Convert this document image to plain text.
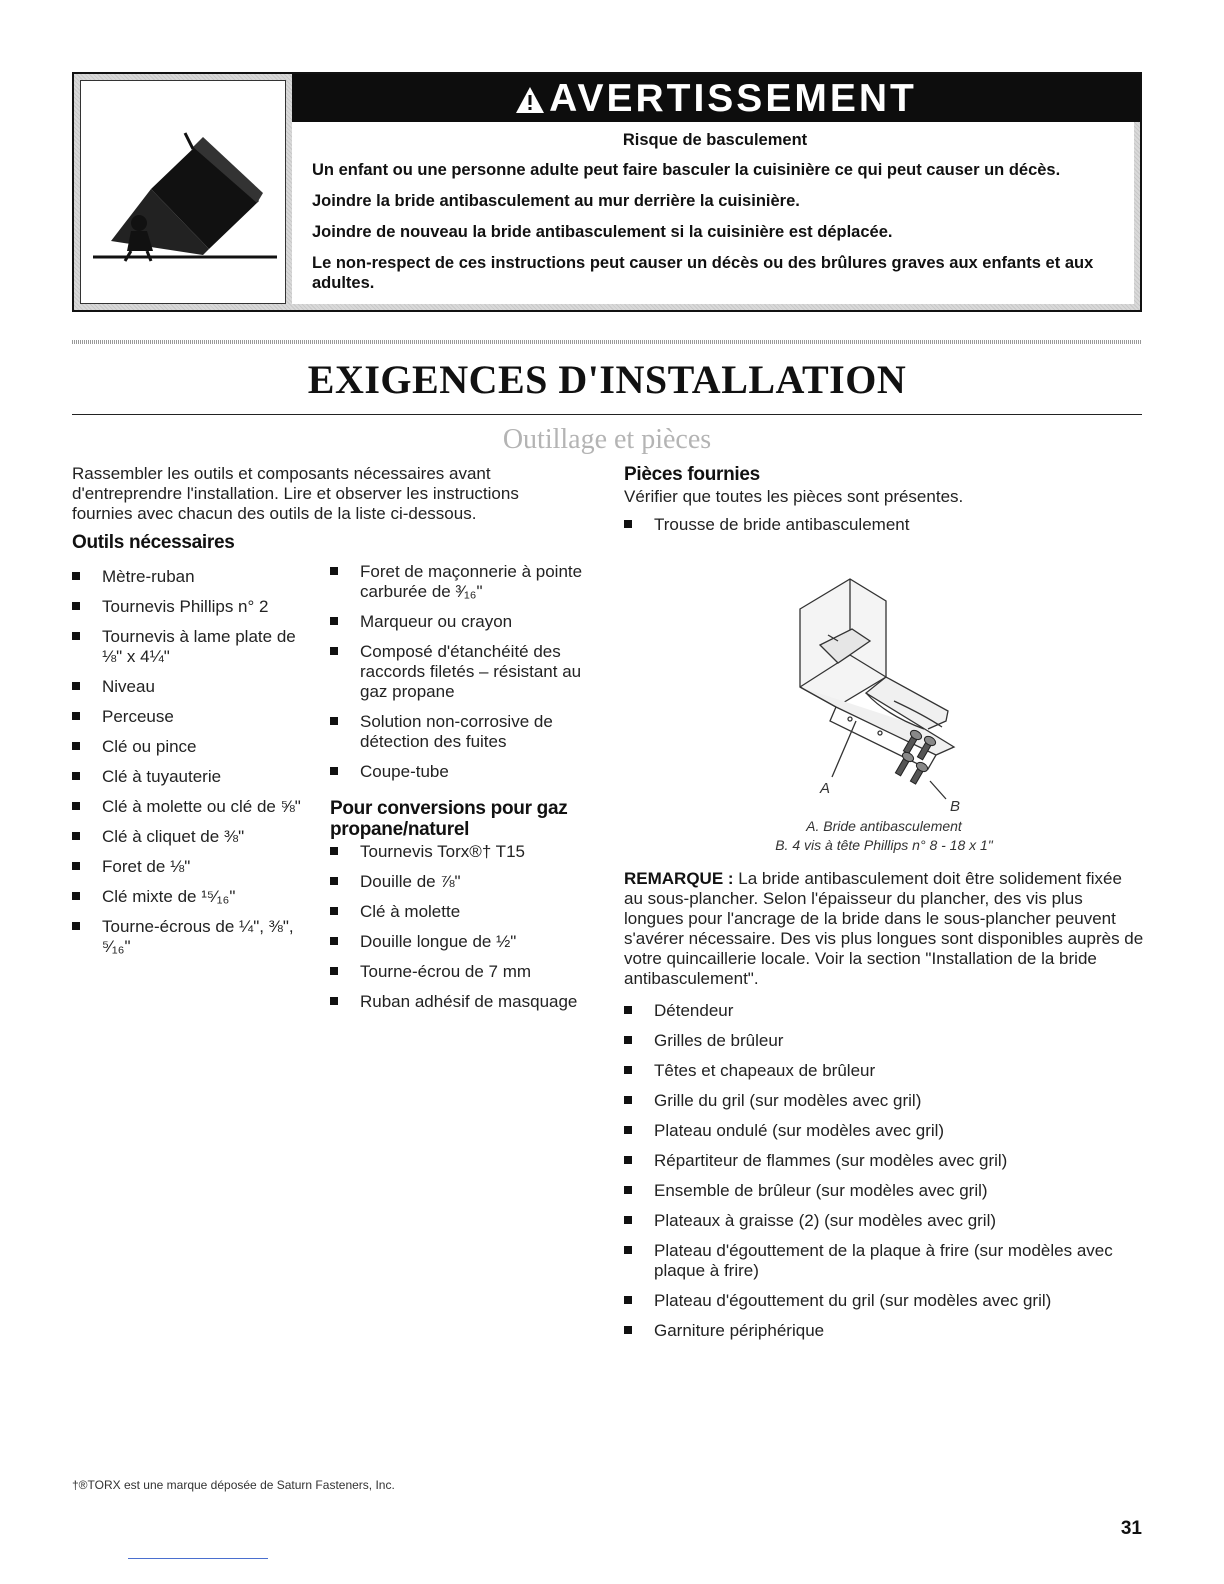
AVERTISSEMENT
Risque de basculement

Un enfant ou une personne adulte peut faire basculer la cuisinière ce qui peut causer un décès.

Joindre la bride antibasculement au mur derrière la cuisinière.

Joindre de nouveau la bride antibasculement si la cuisinière est déplacée.

Le non-respect de ces instructions peut causer un décès ou des brûlures graves aux enfants et aux adultes.

EXIGENCES D'INSTALLATION
Outillage et pièces

Rassembler les outils et composants nécessaires avant d'entreprendre l'installation. Lire et observer les instructions fournies avec chacun des outils de la liste ci-dessous.

Outils nécessaires
Mètre-ruban
Tournevis Phillips n° 2
Tournevis à lame plate de ⅛" x 4¼"
Niveau
Perceuse
Clé ou pince
Clé à tuyauterie
Clé à molette ou clé de ⅝"
Clé à cliquet de ⅜"
Foret de ⅛"
Clé mixte de ¹⁵⁄₁₆"
Tourne-écrous de ¼", ⅜", ⁵⁄₁₆"
Foret de maçonnerie à pointe carburée de ³⁄₁₆"
Marqueur ou crayon
Composé d'étanchéité des raccords filetés – résistant au gaz propane
Solution non-corrosive de détection des fuites
Coupe-tube
Pour conversions pour gaz propane/naturel
Tournevis Torx®† T15
Douille de ⅞"
Clé à molette
Douille longue de ½"
Tourne-écrou de 7 mm
Ruban adhésif de masquage
Pièces fournies

Vérifier que toutes les pièces sont présentes.

Trousse de bride antibasculement
A
B
A. Bride antibasculement
B. 4 vis à tête Phillips n° 8 - 18 x 1"

REMARQUE : La bride antibasculement doit être solidement fixée au sous-plancher. Selon l'épaisseur du plancher, des vis plus longues pour l'ancrage de la bride dans le sous-plancher peuvent s'avérer nécessaire. Des vis plus longues sont disponibles auprès de votre quincaillerie locale. Voir la section "Installation de la bride antibasculement".

Détendeur
Grilles de brûleur
Têtes et chapeaux de brûleur
Grille du gril (sur modèles avec gril)
Plateau ondulé (sur modèles avec gril)
Répartiteur de flammes (sur modèles avec gril)
Ensemble de brûleur (sur modèles avec gril)
Plateaux à graisse (2) (sur modèles avec gril)
Plateau d'égouttement de la plaque à frire (sur modèles avec plaque à frire)
Plateau d'égouttement du gril (sur modèles avec gril)
Garniture périphérique
†®TORX est une marque déposée de Saturn Fasteners, Inc.
31
